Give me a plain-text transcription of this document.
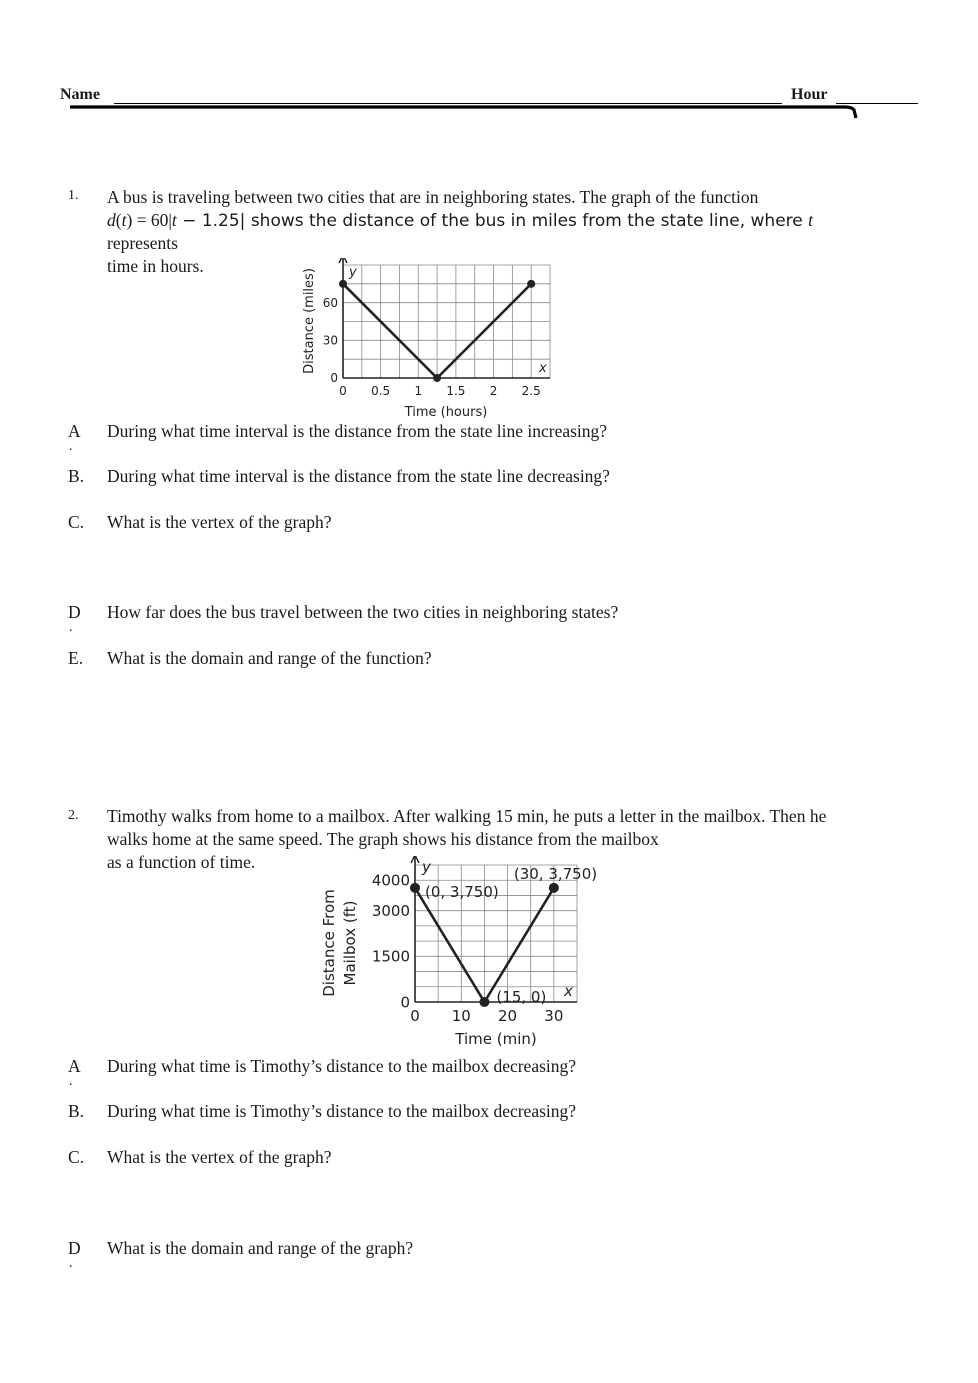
Name	Hour
1. A bus is traveling between two cities that are in neighboring states. The graph of the function
d(t) = 60|t − 1.25| shows the distance of the bus in miles from the state line, where t
represents
time in hours.
0 0.5 1 1.5 2 2.5
0
30
60
Distance (miles)
Time (hours)
y
x
A
.
During what time interval is the distance from the state line increasing?
B. During what time interval is the distance from the state line decreasing?
C. What is the vertex of the graph?
D
.
How far does the bus travel between the two cities in neighboring states?
E. What is the domain and range of the function?
2. Timothy walks from home to a mailbox. After walking 15 min, he puts a letter in the mailbox. Then he
walks home at the same speed. The graph shows his distance from the mailbox
as a function of time.
0 10 20 30
0
1500
3000
4000
(0, 3,750)
(15, 0)
(30, 3,750)
Distance From Mailbox (ft)
Time (min)
y
x
A
.
During what time is Timothy’s distance to the mailbox decreasing?
B. During what time is Timothy’s distance to the mailbox decreasing?
C. What is the vertex of the graph?
D
.
What is the domain and range of the graph?
